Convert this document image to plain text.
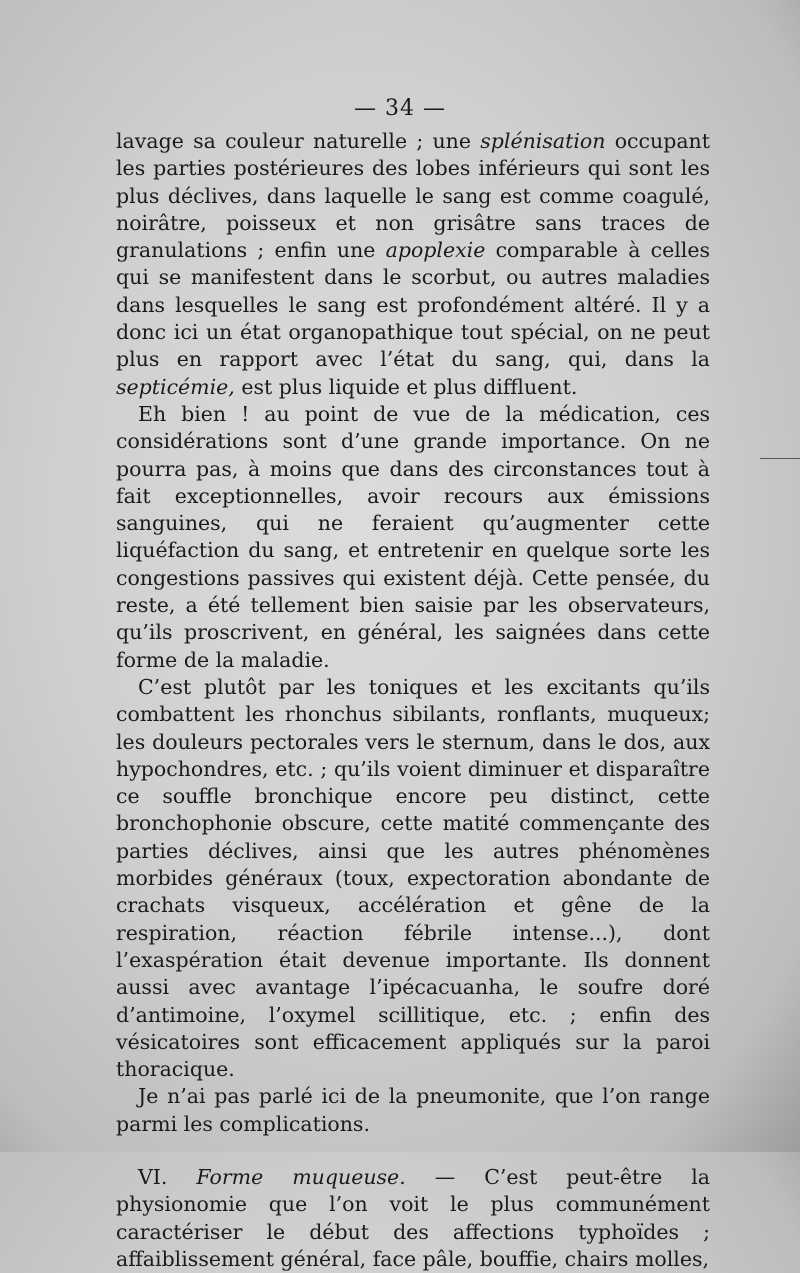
— 34 —

lavage sa couleur naturelle ; une splénisation occupant les parties postérieures des lobes inférieurs qui sont les plus déclives, dans laquelle le sang est comme coagulé, noirâtre, poisseux et non grisâtre sans traces de granulations ; enfin une apoplexie comparable à celles qui se manifestent dans le scorbut, ou autres maladies dans lesquelles le sang est profondément altéré. Il y a donc ici un état organopathique tout spécial, on ne peut plus en rapport avec l’état du sang, qui, dans la septicémie, est plus liquide et plus diffluent.

Eh bien ! au point de vue de la médication, ces considérations sont d’une grande importance. On ne pourra pas, à moins que dans des circonstances tout à fait exceptionnelles, avoir recours aux émissions sanguines, qui ne feraient qu’augmenter cette liquéfaction du sang, et entretenir en quelque sorte les congestions passives qui existent déjà. Cette pensée, du reste, a été tellement bien saisie par les observateurs, qu’ils proscrivent, en général, les saignées dans cette forme de la maladie.

C’est plutôt par les toniques et les excitants qu’ils combattent les rhonchus sibilants, ronflants, muqueux; les douleurs pectorales vers le sternum, dans le dos, aux hypochondres, etc. ; qu’ils voient diminuer et disparaître ce souffle bronchique encore peu distinct, cette bronchophonie obscure, cette matité commençante des parties déclives, ainsi que les autres phénomènes morbides généraux (toux, expectoration abondante de crachats visqueux, accélération et gêne de la respiration, réaction fébrile intense...), dont l’exaspération était devenue importante. Ils donnent aussi avec avantage l’ipécacuanha, le soufre doré d’antimoine, l’oxymel scillitique, etc. ; enfin des vésicatoires sont efficacement appliqués sur la paroi thoracique.

Je n’ai pas parlé ici de la pneumonite, que l’on range parmi les complications.

VI. Forme muqueuse. — C’est peut-être la physionomie que l’on voit le plus communément caractériser le début des affections typhoïdes ; affaiblissement général, face pâle, bouffie, chairs molles,
